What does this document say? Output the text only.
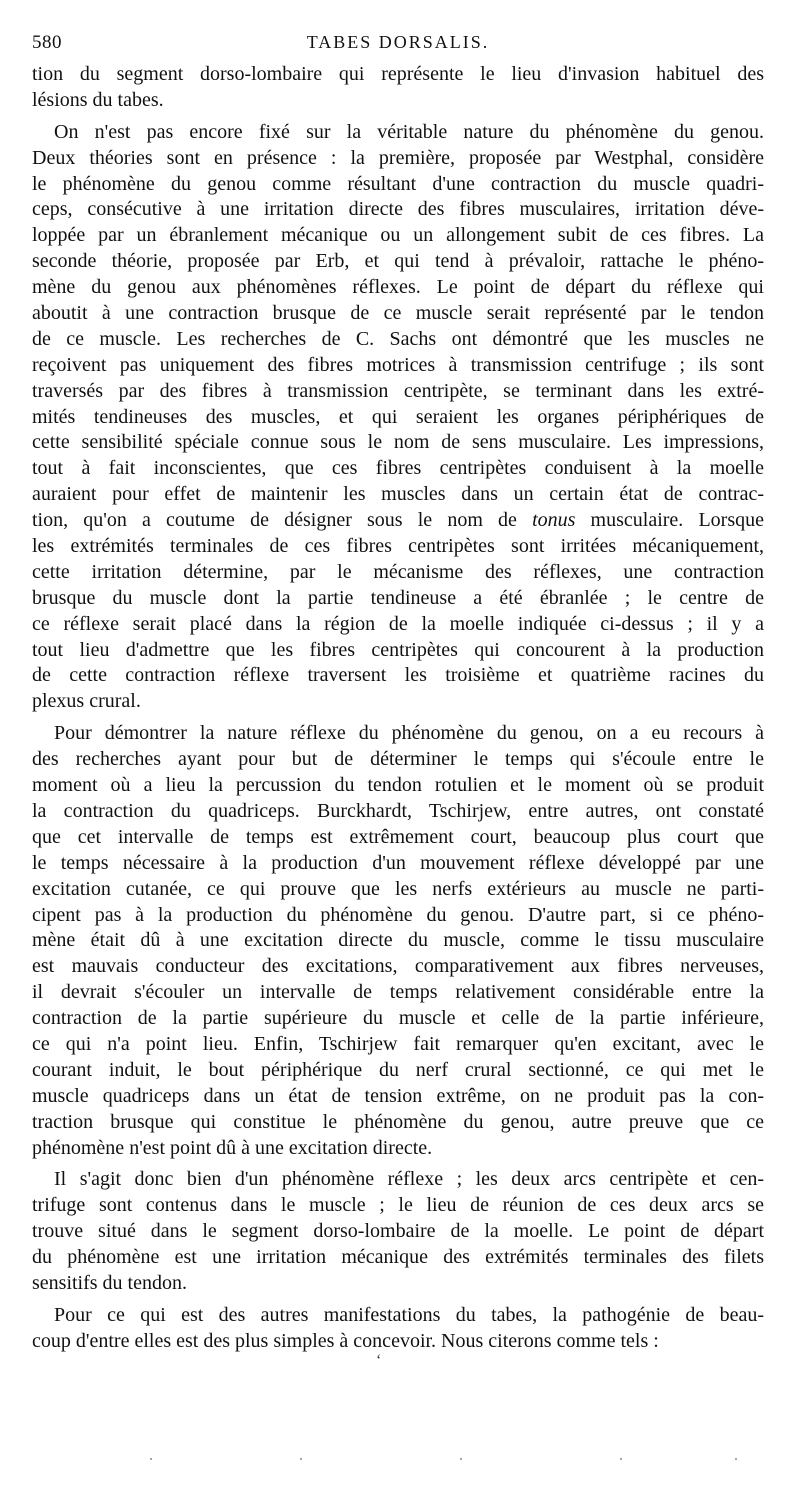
580	TABES DORSALIS.
tion du segment dorso-lombaire qui représente le lieu d'invasion habituel des
lésions du tabes.
On n'est pas encore fixé sur la véritable nature du phénomène du genou.
Deux théories sont en présence : la première, proposée par Westphal, considère
le phénomène du genou comme résultant d'une contraction du muscle quadri-
ceps, consécutive à une irritation directe des fibres musculaires, irritation déve-
loppée par un ébranlement mécanique ou un allongement subit de ces fibres. La
seconde théorie, proposée par Erb, et qui tend à prévaloir, rattache le phéno-
mène du genou aux phénomènes réflexes. Le point de départ du réflexe qui
aboutit à une contraction brusque de ce muscle serait représenté par le tendon
de ce muscle. Les recherches de C. Sachs ont démontré que les muscles ne
reçoivent pas uniquement des fibres motrices à transmission centrifuge ; ils sont
traversés par des fibres à transmission centripète, se terminant dans les extré-
mités tendineuses des muscles, et qui seraient les organes périphériques de
cette sensibilité spéciale connue sous le nom de sens musculaire. Les impressions,
tout à fait inconscientes, que ces fibres centripètes conduisent à la moelle
auraient pour effet de maintenir les muscles dans un certain état de contrac-
tion, qu'on a coutume de désigner sous le nom de tonus musculaire. Lorsque
les extrémités terminales de ces fibres centripètes sont irritées mécaniquement,
cette irritation détermine, par le mécanisme des réflexes, une contraction
brusque du muscle dont la partie tendineuse a été ébranlée ; le centre de
ce réflexe serait placé dans la région de la moelle indiquée ci-dessus ; il y a
tout lieu d'admettre que les fibres centripètes qui concourent à la production
de cette contraction réflexe traversent les troisième et quatrième racines du
plexus crural.
Pour démontrer la nature réflexe du phénomène du genou, on a eu recours à
des recherches ayant pour but de déterminer le temps qui s'écoule entre le
moment où a lieu la percussion du tendon rotulien et le moment où se produit
la contraction du quadriceps. Burckhardt, Tschirjew, entre autres, ont constaté
que cet intervalle de temps est extrêmement court, beaucoup plus court que
le temps nécessaire à la production d'un mouvement réflexe développé par une
excitation cutanée, ce qui prouve que les nerfs extérieurs au muscle ne parti-
cipent pas à la production du phénomène du genou. D'autre part, si ce phéno-
mène était dû à une excitation directe du muscle, comme le tissu musculaire
est mauvais conducteur des excitations, comparativement aux fibres nerveuses,
il devrait s'écouler un intervalle de temps relativement considérable entre la
contraction de la partie supérieure du muscle et celle de la partie inférieure,
ce qui n'a point lieu. Enfin, Tschirjew fait remarquer qu'en excitant, avec le
courant induit, le bout périphérique du nerf crural sectionné, ce qui met le
muscle quadriceps dans un état de tension extrême, on ne produit pas la con-
traction brusque qui constitue le phénomène du genou, autre preuve que ce
phénomène n'est point dû à une excitation directe.
Il s'agit donc bien d'un phénomène réflexe ; les deux arcs centripète et cen-
trifuge sont contenus dans le muscle ; le lieu de réunion de ces deux arcs se
trouve situé dans le segment dorso-lombaire de la moelle. Le point de départ
du phénomène est une irritation mécanique des extrémités terminales des filets
sensitifs du tendon.
Pour ce qui est des autres manifestations du tabes, la pathogénie de beau-
coup d'entre elles est des plus simples à concevoir. Nous citerons comme tels :
‘
